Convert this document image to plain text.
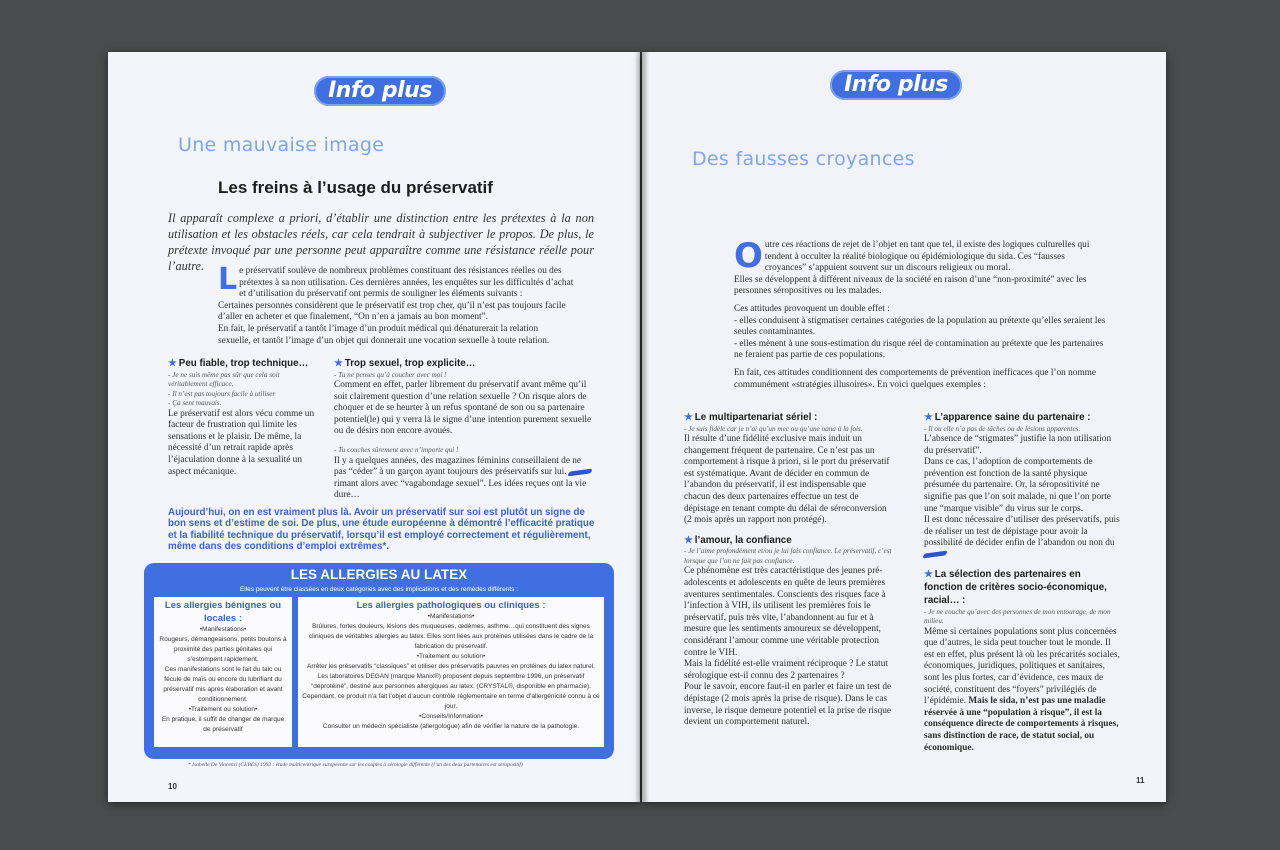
Info plus
Une mauvaise image

Les freins à l’usage du préservatif
Il apparaît complexe a priori, d’établir une distinction entre les prétextes à la non utilisation et les obstacles réels, car cela tendrait à subjectiver le propos. De plus, le prétexte invoqué par une personne peut apparaître comme une résistance réelle pour l’autre. L e préservatif soulève de nombreux problèmes constituant des résistances réelles ou des

prétextes à sa non utilisation. Ces dernières années, les enquêtes sur les difficultés d’achat

et d’utilisation du préservatif ont permis de souligner les éléments suivants :

Certaines personnes considèrent que le préservatif est trop cher, qu’il n’est pas toujours facile

d’aller en acheter et que finalement, “On n’en a jamais au bon moment”.

En fait, le préservatif a tantôt l’image d’un produit médical qui dénaturerait la relation

sexuelle, et tantôt l’image d’un objet qui donnerait une vocation sexuelle à toute relation.

★ Peu fiable, trop technique…
- Je ne suis même pas sûr que cela soit véritablement efficace,
- Il n’est pas toujours facile à utiliser
- Ça sent mauvais.

Le préservatif est alors vécu comme un facteur de frustration qui limite les sensations et le plaisir. De même, la nécessité d’un retrait rapide après l’éjaculation donne à la sexualité un aspect mécanique.

★ Trop sexuel, trop explicite…
- Tu ne penses qu’à coucher avec moi !

Comment en effet, parler librement du préservatif avant même qu’il soit clairement question d’une relation sexuelle ? On risque alors de choquer et de se heurter à un refus spontané de son ou sa partenaire potentiel(le) qui y verra là le signe d’une intention purement sexuelle ou de désirs non encore avoués.

- Tu couches sûrement avec n’importe qui !

Il y a quelques années, des magazines féminins conseillaient de ne pas “céder” à un garçon ayant toujours des préservatifs sur lui.  rimant alors avec “vagabondage sexuel”. Les idées reçues ont la vie dure…

Aujourd’hui, on en est vraiment plus là. Avoir un préservatif sur soi est plutôt un signe de bon sens et d’estime de soi. De plus, une étude européenne à démontré l’efficacité pratique et la fiabilité technique du préservatif, lorsqu’il est employé correctement et régulièrement, même dans des conditions d’emploi extrêmes*.
LES ALLERGIES AU LATEX
Elles peuvent être classées en deux catégories avec des implications et des remèdes différents :
Les allergies bénignes ou locales :
•Manifestations•
Rougeurs, démangeaisons, petits boutons à proximité des parties génitales qui s’estompent rapidement.
Ces manifestations sont le fait du talc ou fécule de maïs ou encore du lubrifiant du préservatif mis après élaboration et avant conditionnement.
•Traitement ou solution•
En pratique, il suffit de changer de marque de préservatif
Les allergies pathologiques ou cliniques :
•Manifestations•
Brûlures, fortes douleurs, lésions des muqueuses, œdèmes, asthme…qui constituent des signes cliniques de véritables allergies au latex. Elles sont liées aux protéines utilisées dans le cadre de la fabrication du préservatif.
•Traitement ou solution•
Arrêter les préservatifs “classiques” et utiliser des préservatifs pauvres en protéines du latex naturel.
Les laboratoires DEGAN (marque Manix®) proposent depuis septembre 1996, un préservatif “déprotéiné”, destiné aux personnes allergiques au latex. (CRYSTAL®, disponible en pharmacie). Cependant, ce produit n’a fait l’objet d’aucun contrôle réglementaire en terme d’allergénicité connu à ce jour.
•Conseils/Information•
Consulter un médecin spécialiste (allergologue) afin de vérifier la nature de la pathologie.
* Isabelle De Vincenzi (CEBES) 1993 : étude multicentrique européenne sur les couples à sérologie différente (l’un des deux partenaires est séropositif)
10
Info plus
Des fausses croyances
O utre ces réactions de rejet de l’objet en tant que tel, il existe des logiques culturelles qui

tendent à occulter la réalité biologique ou épidémiologique du sida. Ces “fausses

croyances” s’appuient souvent sur un discours religieux ou moral.

Elles se développent à différent niveaux de la société en raison d’une “non-proximité” avec les

personnes séropositives ou les malades.

Ces attitudes provoquent un double effet :

- elles conduisent à stigmatiser certaines catégories de la population au prétexte qu’elles seraient les seules contaminantes.

- elles mènent à une sous-estimation du risque réel de contamination au prétexte que les partenaires ne feraient pas partie de ces populations.

En fait, ces attitudes conditionnent des comportements de prévention inefficaces que l’on nomme communément «stratégies illusoires». En voici quelques exemples :
★ Le multipartenariat sériel :
- Je suis fidèle car je n’ai qu’un mec ou qu’une nana à la fois.

Il résulte d’une fidélité exclusive mais induit un changement fréquent de partenaire. Ce n’est pas un comportement à risque à priori, si le port du préservatif est systématique. Avant de décider en commun de l’abandon du préservatif, il est indispensable que chacun des deux partenaires effectue un test de dépistage en tenant compte du délai de séroconversion (2 mois après un rapport non protégé).

★ l’amour, la confiance
- Je l’aime profondément et/ou je lui fais confiance. Le préservatif, c’est lorsque que l’on ne fait pas confiance.

Ce phénomène est très caractéristique des jeunes pré-adolescents et adolescents en quête de leurs premières aventures sentimentales. Conscients des risques face à l’infection à VIH, ils utilisent les premières fois le préservatif, puis très vite, l’abandonnent au fur et à mesure que les sentiments amoureux se développent, considérant l’amour comme une véritable protection contre le VIH.

Mais la fidélité est-elle vraiment réciproque ? Le statut sérologique est-il connu des 2 partenaires ?

Pour le savoir, encore faut-il en parler et faire un test de dépistage (2 mois après la prise de risque). Dans le cas inverse, le risque demeure potentiel et la prise de risque devient un comportement naturel.

★ L’apparence saine du partenaire :
- Il ou elle n’a pas de tâches ou de lésions apparentes.

L’absence de “stigmates” justifie la non utilisation du préservatif”.

Dans ce cas, l’adoption de comportements de prévention est fonction de la santé physique présumée du partenaire. Or, la séropositivité ne signifie pas que l’on soit malade, ni que l’on porte une “marque visible” du virus sur le corps.

Il est donc nécessaire d’utiliser des préservatifs, puis de réaliser un test de dépistage pour avoir la possibilité de décider enfin de l’abandon ou non du

★ La sélection des partenaires en fonction de critères socio-économique, racial… :
- Je ne couche qu’avec des personnes de mon entourage, de mon milieu.

Même si certaines populations sont plus concernées que d’autres, le sida peut toucher tout le monde. Il est en effet, plus présent là où les précarités sociales, économiques, juridiques, politiques et sanitaires, sont les plus fortes, car d’évidence, ces maux de société, constituent des “foyers” privilégiés de l’épidémie. Mais le sida, n’est pas une maladie réservée à une “population à risque”, il est la conséquence directe de comportements à risques, sans distinction de race, de statut social, ou économique.

11
